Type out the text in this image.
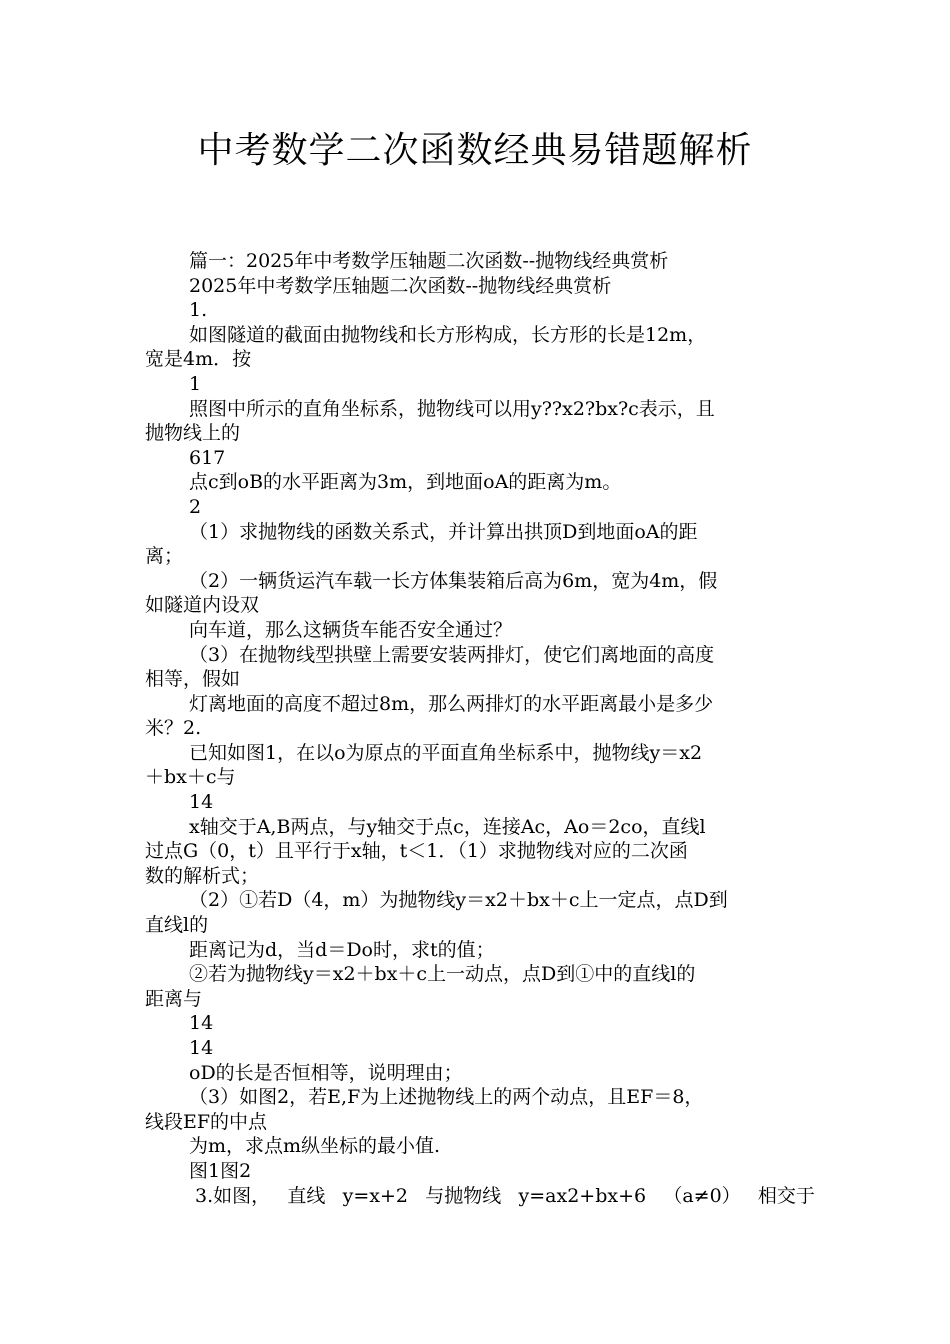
中考数学二次函数经典易错题解析
篇一：2025年中考数学压轴题二次函数--抛物线经典赏析
2025年中考数学压轴题二次函数--抛物线经典赏析
1.
如图隧道的截面由抛物线和长方形构成，长方形的长是12m，
宽是4m．按
1
照图中所示的直角坐标系，抛物线可以用y??x2?bx?c表示，且
抛物线上的
617
点c到oB的水平距离为3m，到地面oA的距离为m。
2
（1）求抛物线的函数关系式，并计算出拱顶D到地面oA的距
离；
（2）一辆货运汽车载一长方体集装箱后高为6m，宽为4m，假
如隧道内设双
向车道，那么这辆货车能否安全通过？
（3）在抛物线型拱壁上需要安装两排灯，使它们离地面的高度
相等，假如
灯离地面的高度不超过8m，那么两排灯的水平距离最小是多少
米？2.
已知如图1，在以o为原点的平面直角坐标系中，抛物线y＝x2
＋bx＋c与
14
x轴交于A,B两点，与y轴交于点c，连接Ac，Ao＝2co，直线l
过点G（0，t）且平行于x轴，t＜1．（1）求抛物线对应的二次函
数的解析式；
（2）①若D（4，m）为抛物线y＝x2＋bx＋c上一定点，点D到
直线l的
距离记为d，当d＝Do时，求t的值；
②若为抛物线y＝x2＋bx＋c上一动点，点D到①中的直线l的
距离与
14
14
oD的长是否恒相等，说明理由；
（3）如图2，若E,F为上述抛物线上的两个动点，且EF＝8，
线段EF的中点
为m，求点m纵坐标的最小值.
图1图2
3.如图， 直线 y=x+2 与抛物线 y=ax2+bx+6 （a≠0） 相交于
